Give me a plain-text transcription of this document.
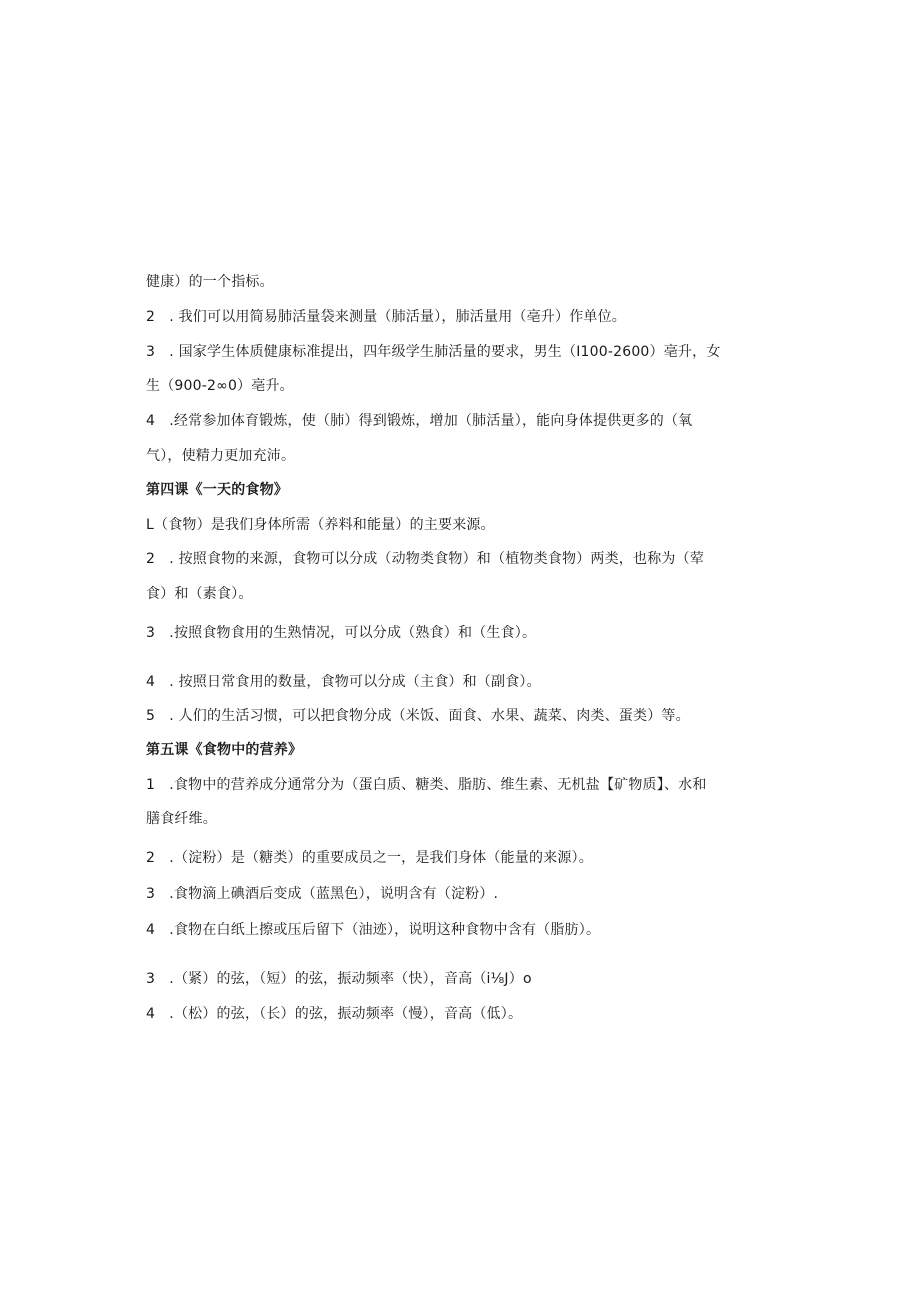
健康）的一个指标。
2　. 我们可以用简易肺活量袋来测量（肺活量），肺活量用（亳升）作单位。
3　. 国家学生体质健康标准提出，四年级学生肺活量的要求，男生（I100-2600）亳升，女
生（900-2∞0）亳升。
4　.经常参加体育锻炼，使（肺）得到锻炼，增加（肺活量），能向身体提供更多的（氧
气），使精力更加充沛。
第四课《一天的食物》
L（食物）是我们身体所需（养料和能量）的主要来源。
2　. 按照食物的来源，食物可以分成（动物类食物）和（植物类食物）两类，也称为（荤
食）和（素食）。
3　.按照食物食用的生熟情况，可以分成（熟食）和（生食）。
4　. 按照日常食用的数量，食物可以分成（主食）和（副食）。
5　. 人们的生活习惯，可以把食物分成（米饭、面食、水果、蔬菜、肉类、蛋类）等。
第五课《食物中的营养》
1　.食物中的营养成分通常分为（蛋白质、糖类、脂肪、维生素、无机盐【矿物质】、水和
膳食纤维。
2　.（淀粉）是（糖类）的重要成员之一，是我们身体（能量的来源）。
3　.食物滴上碘酒后变成（蓝黑色），说明含有（淀粉）.
4　.食物在白纸上擦或压后留下（油迹），说明这种食物中含有（脂肪）。
3　.（紧）的弦，（短）的弦，振动频率（快），音高（i⅛J）o
4　.（松）的弦，（长）的弦，振动频率（慢），音高（低）。
